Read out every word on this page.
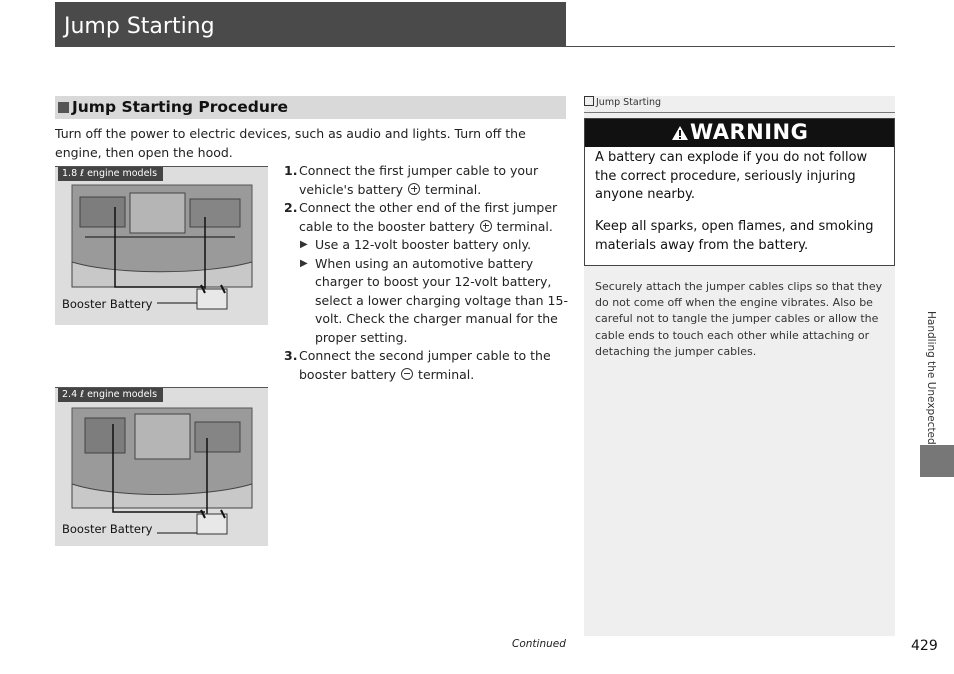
Jump Starting
Jump Starting Procedure
Turn off the power to electric devices, such as audio and lights. Turn off the engine, then open the hood.
1.8 ℓ engine models
Booster Battery
2.4 ℓ engine models
Booster Battery
1. Connect the first jumper cable to your
vehicle's battery terminal.
2. Connect the other end of the first jumper
cable to the booster battery terminal.
▶ Use a 12-volt booster battery only.
▶ When using an automotive battery charger to boost your 12-volt battery, select a lower charging voltage than 15-volt. Check the charger manual for the proper setting.
3. Connect the second jumper cable to the
booster battery terminal.
Jump Starting
WARNING
A battery can explode if you do not follow the correct procedure, seriously injuring anyone nearby.
Keep all sparks, open flames, and smoking materials away from the battery.
Securely attach the jumper cables clips so that they do not come off when the engine vibrates. Also be careful not to tangle the jumper cables or allow the cable ends to touch each other while attaching or detaching the jumper cables.
Continued	429
Handling the Unexpected
